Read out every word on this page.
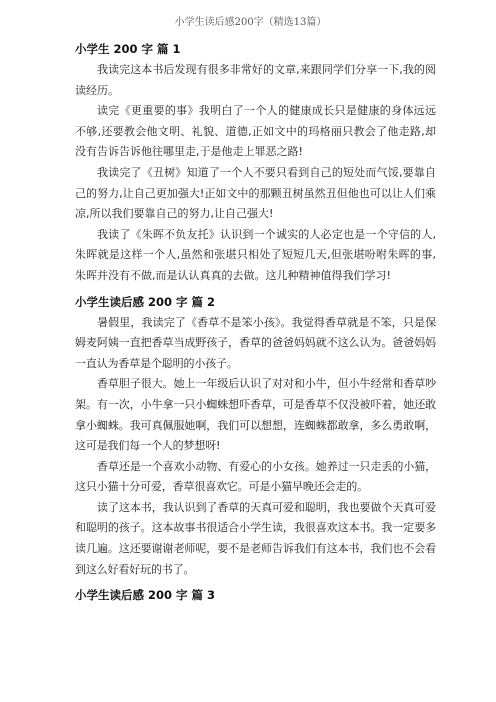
小学生读后感200字（精选13篇）
小学生 200 字 篇 1

我读完这本书后发现有很多非常好的文章,来跟同学们分享一下,我的阅读经历。

读完《更重要的事》我明白了一个人的健康成长只是健康的身体远远不够,还要教会他文明、礼貌、道德,正如文中的玛格丽只教会了他走路,却没有告诉告诉他往哪里走,于是他走上罪恶之路!

我读完了《丑树》知道了一个人不要只看到自己的短处而气馁,要靠自己的努力,让自己更加强大!正如文中的那颗丑树虽然丑但他也可以让人们乘凉,所以我们要靠自己的努力,让自己强大!

我读了《朱晖不负友托》认识到一个诚实的人必定也是一个守信的人,朱晖就是这样一个人,虽然和张堪只相处了短短几天,但张堪吩咐朱晖的事,朱晖并没有不做,而是认认真真的去做。这儿种精神值得我们学习!

小学生读后感 200 字 篇 2

暑假里，我读完了《香草不是笨小孩》。我觉得香草就是不笨，只是保姆麦阿姨一直把香草当成野孩子，香草的爸爸妈妈就不这么认为。爸爸妈妈一直认为香草是个聪明的小孩子。

香草胆子很大。她上一年级后认识了对对和小牛，但小牛经常和香草吵架。有一次，小牛拿一只小蜘蛛想吓香草，可是香草不仅没被吓着，她还敢拿小蜘蛛。我可真佩服她啊，我们可以想想，连蜘蛛都敢拿，多么勇敢啊，这可是我们每一个人的梦想呀!

香草还是一个喜欢小动物、有爱心的小女孩。她养过一只走丢的小猫，这只小猫十分可爱，香草很喜欢它。可是小猫早晚还会走的。

读了这本书，我认识到了香草的天真可爱和聪明，我也要做个天真可爱和聪明的孩子。这本故事书很适合小学生读，我很喜欢这本书。我一定要多读几遍。这还要谢谢老师呢，要不是老师告诉我们有这本书，我们也不会看到这么好看好玩的书了。

小学生读后感 200 字 篇 3
